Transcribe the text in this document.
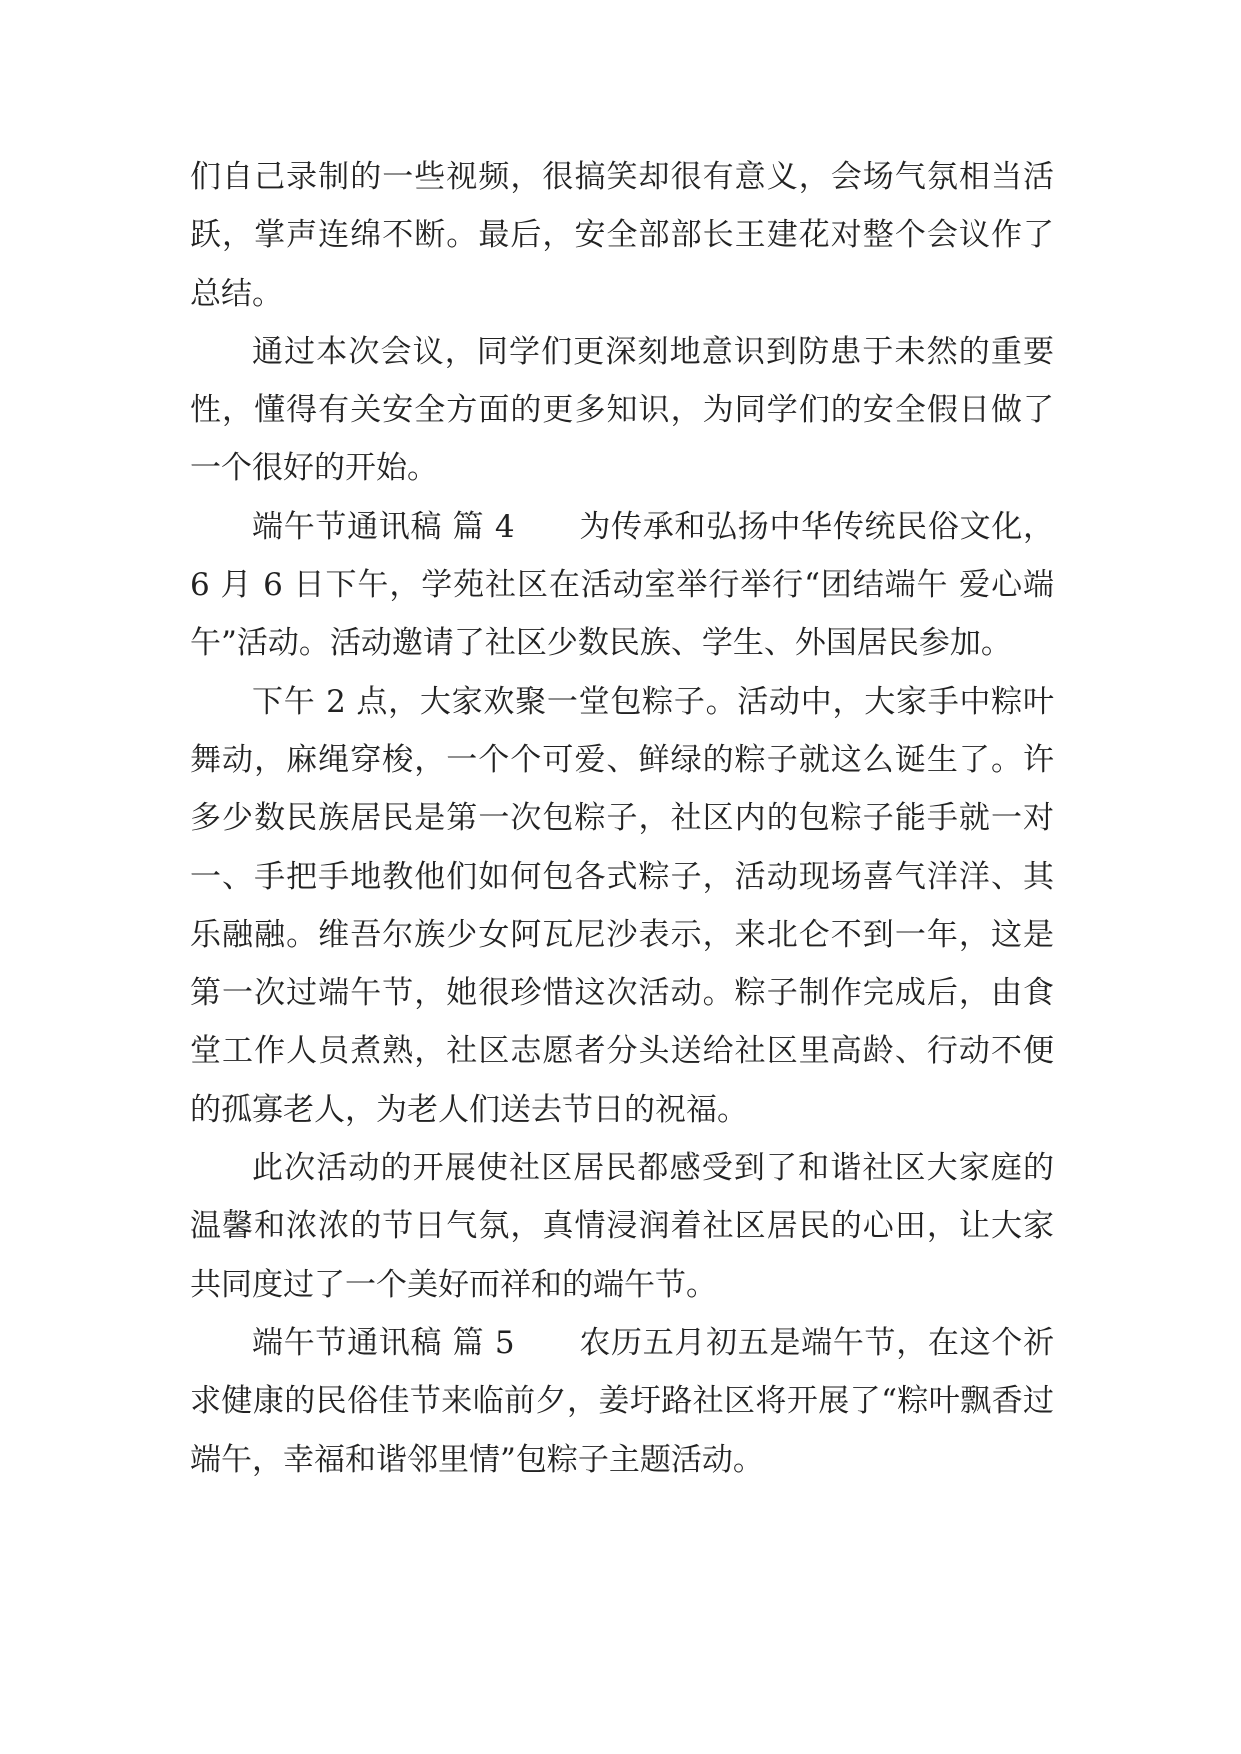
们自己录制的一些视频，很搞笑却很有意义，会场气氛相当活跃，掌声连绵不断。最后，安全部部长王建花对整个会议作了总结。

通过本次会议，同学们更深刻地意识到防患于未然的重要性，懂得有关安全方面的更多知识，为同学们的安全假日做了一个很好的开始。

端午节通讯稿 篇 4 为传承和弘扬中华传统民俗文化，6 月 6 日下午，学苑社区在活动室举行举行“团结端午 爱心端午”活动。活动邀请了社区少数民族、学生、外国居民参加。

下午 2 点，大家欢聚一堂包粽子。活动中，大家手中粽叶舞动，麻绳穿梭，一个个可爱、鲜绿的粽子就这么诞生了。许多少数民族居民是第一次包粽子，社区内的包粽子能手就一对一、手把手地教他们如何包各式粽子，活动现场喜气洋洋、其乐融融。维吾尔族少女阿瓦尼沙表示，来北仑不到一年，这是第一次过端午节，她很珍惜这次活动。粽子制作完成后，由食堂工作人员煮熟，社区志愿者分头送给社区里高龄、行动不便的孤寡老人，为老人们送去节日的祝福。

此次活动的开展使社区居民都感受到了和谐社区大家庭的温馨和浓浓的节日气氛，真情浸润着社区居民的心田，让大家共同度过了一个美好而祥和的端午节。

端午节通讯稿 篇 5 农历五月初五是端午节，在这个祈求健康的民俗佳节来临前夕，姜圩路社区将开展了“粽叶飘香过端午，幸福和谐邻里情”包粽子主题活动。
